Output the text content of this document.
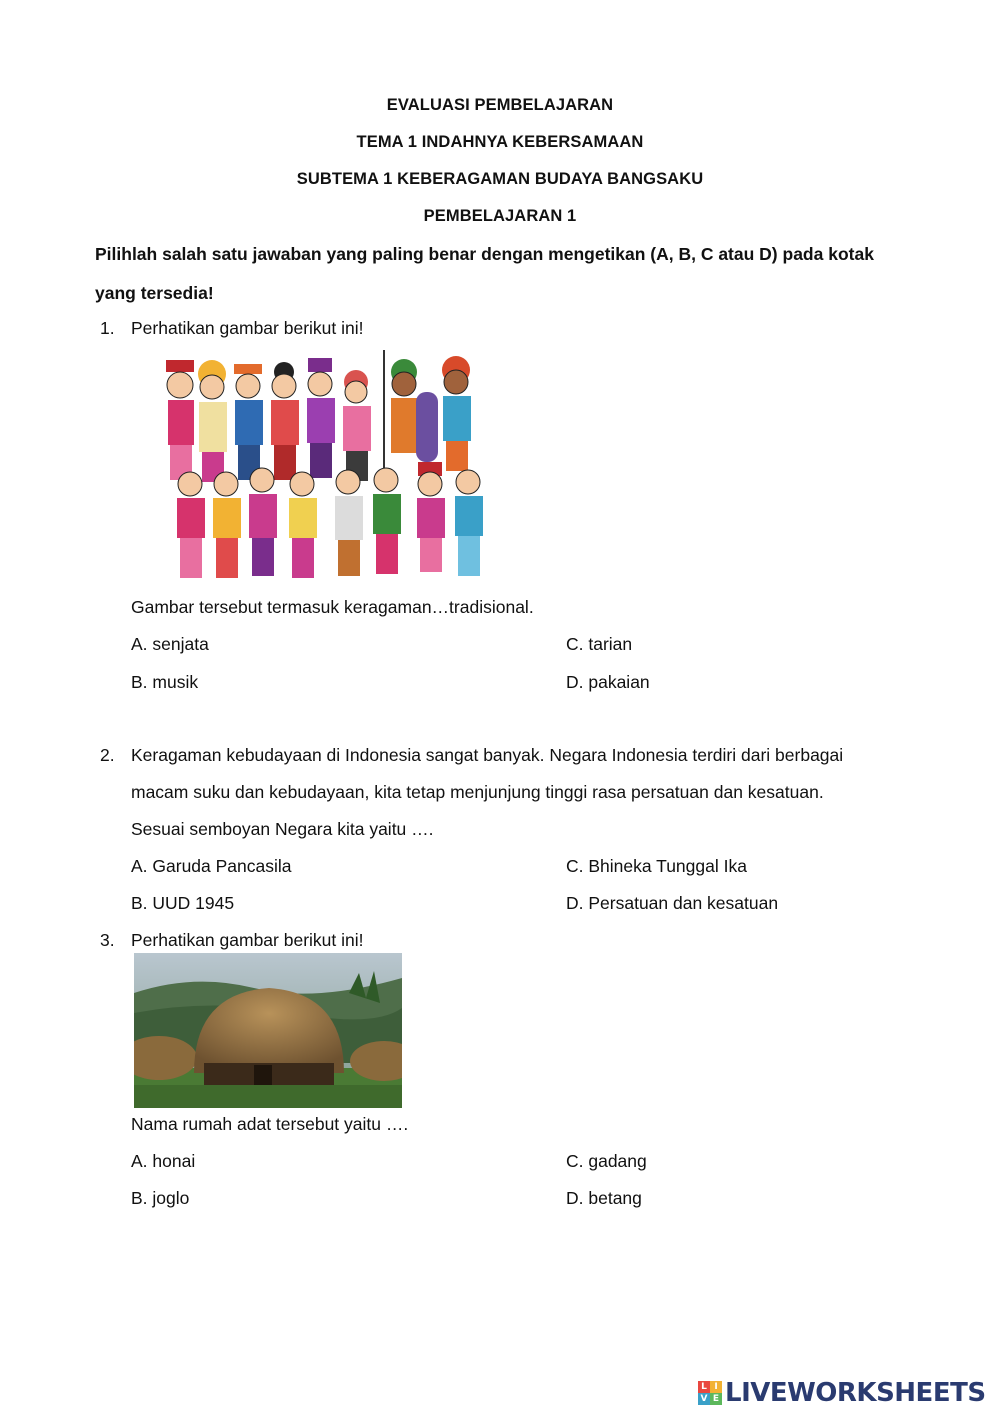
EVALUASI PEMBELAJARAN
TEMA 1 INDAHNYA KEBERSAMAAN
SUBTEMA 1 KEBERAGAMAN BUDAYA BANGSAKU
PEMBELAJARAN 1
Pilihlah salah satu jawaban yang paling benar dengan mengetikan (A, B, C atau D) pada kotak
yang tersedia!
1. Perhatikan gambar berikut ini!
Gambar tersebut termasuk keragaman…tradisional.
A. senjata	C. tarian
B. musik	D. pakaian
2. Keragaman kebudayaan di Indonesia sangat banyak. Negara Indonesia terdiri dari berbagai
macam suku dan kebudayaan, kita tetap menjunjung tinggi rasa persatuan dan kesatuan.
Sesuai semboyan Negara kita yaitu ….
A. Garuda Pancasila	C. Bhineka Tunggal Ika
B. UUD 1945	D. Persatuan dan kesatuan
3. Perhatikan gambar berikut ini!
Nama rumah adat tersebut yaitu ….
A. honai	C. gadang
B. joglo	D. betang
L I
V E LIVEWORKSHEETS
